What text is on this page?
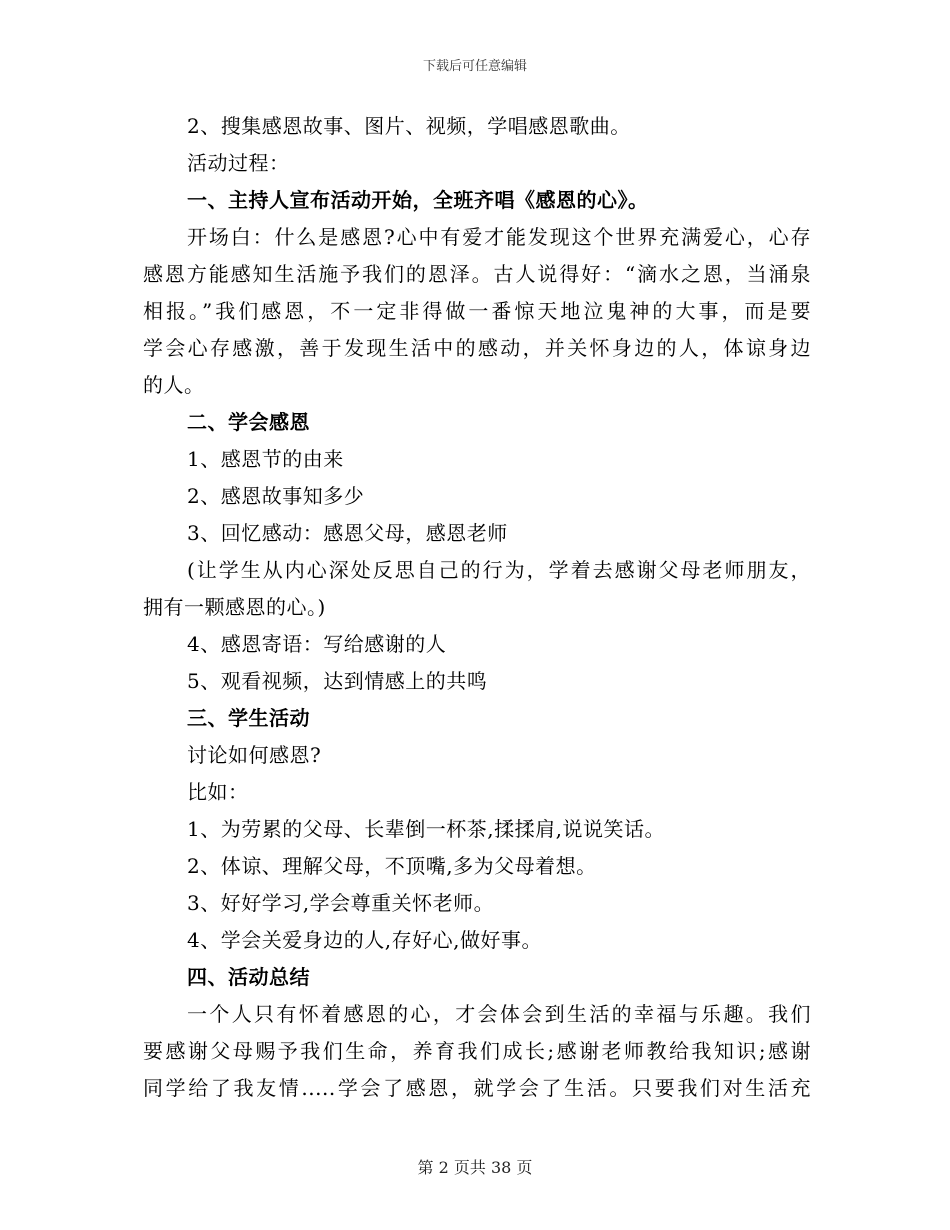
下载后可任意编辑
2、搜集感恩故事、图片、视频，学唱感恩歌曲。
活动过程：
一、主持人宣布活动开始，全班齐唱《感恩的心》。
开场白：什么是感恩?心中有爱才能发现这个世界充满爱心，心存
感恩方能感知生活施予我们的恩泽。古人说得好：“滴水之恩，当涌泉
相报。”我们感恩，不一定非得做一番惊天地泣鬼神的大事，而是要
学会心存感激，善于发现生活中的感动，并关怀身边的人，体谅身边
的人。
二、学会感恩
1、感恩节的由来
2、感恩故事知多少
3、回忆感动：感恩父母，感恩老师
(让学生从内心深处反思自己的行为，学着去感谢父母老师朋友，
拥有一颗感恩的心。)
4、感恩寄语：写给感谢的人
5、观看视频，达到情感上的共鸣
三、学生活动
讨论如何感恩?
比如：
1、为劳累的父母、长辈倒一杯茶,揉揉肩,说说笑话。
2、体谅、理解父母，不顶嘴,多为父母着想。
3、好好学习,学会尊重关怀老师。
4、学会关爱身边的人,存好心,做好事。
四、活动总结
一个人只有怀着感恩的心，才会体会到生活的幸福与乐趣。我们
要感谢父母赐予我们生命，养育我们成长;感谢老师教给我知识;感谢
同学给了我友情.....学会了感恩，就学会了生活。只要我们对生活充
第 2 页共 38 页
